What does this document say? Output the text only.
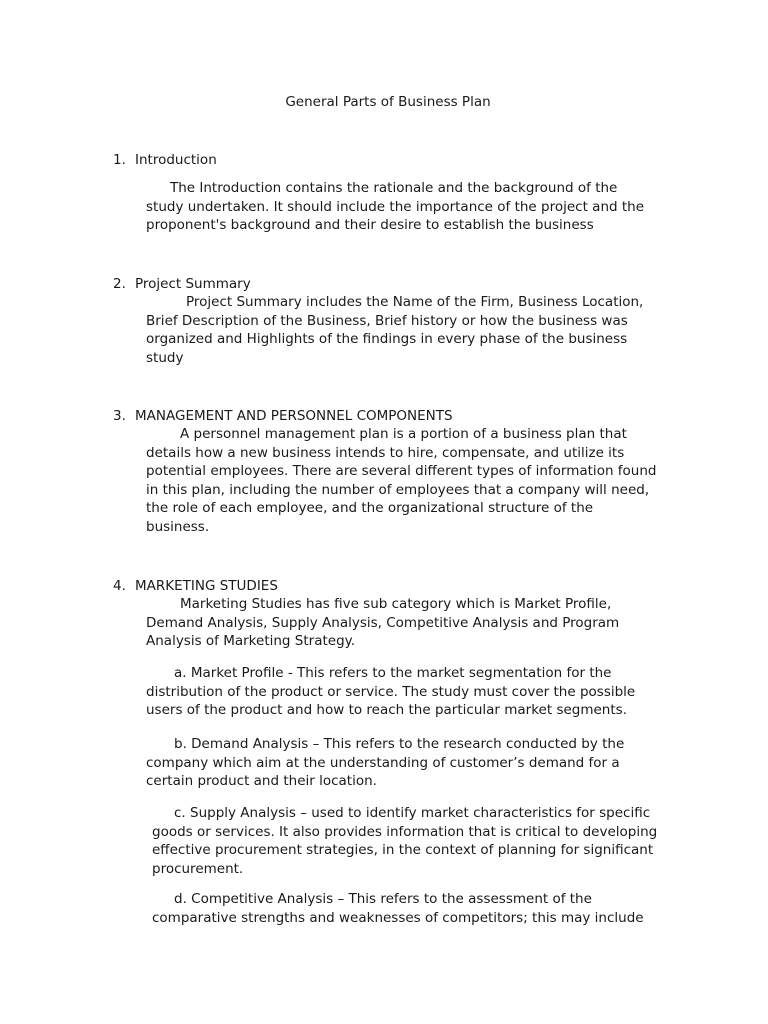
General Parts of Business Plan
1. Introduction
The Introduction contains the rationale and the background of the
study undertaken. It should include the importance of the project and the
proponent's background and their desire to establish the business
2. Project Summary
Project Summary includes the Name of the Firm, Business Location,
Brief Description of the Business, Brief history or how the business was
organized and Highlights of the findings in every phase of the business
study
3. MANAGEMENT AND PERSONNEL COMPONENTS
A personnel management plan is a portion of a business plan that
details how a new business intends to hire, compensate, and utilize its
potential employees. There are several different types of information found
in this plan, including the number of employees that a company will need,
the role of each employee, and the organizational structure of the
business.
4. MARKETING STUDIES
Marketing Studies has five sub category which is Market Profile,
Demand Analysis, Supply Analysis, Competitive Analysis and Program
Analysis of Marketing Strategy.
a. Market Profile - This refers to the market segmentation for the
distribution of the product or service. The study must cover the possible
users of the product and how to reach the particular market segments.
b. Demand Analysis – This refers to the research conducted by the
company which aim at the understanding of customer’s demand for a
certain product and their location.
c. Supply Analysis – used to identify market characteristics for specific
goods or services. It also provides information that is critical to developing
effective procurement strategies, in the context of planning for significant
procurement.
d. Competitive Analysis – This refers to the assessment of the
comparative strengths and weaknesses of competitors; this may include
